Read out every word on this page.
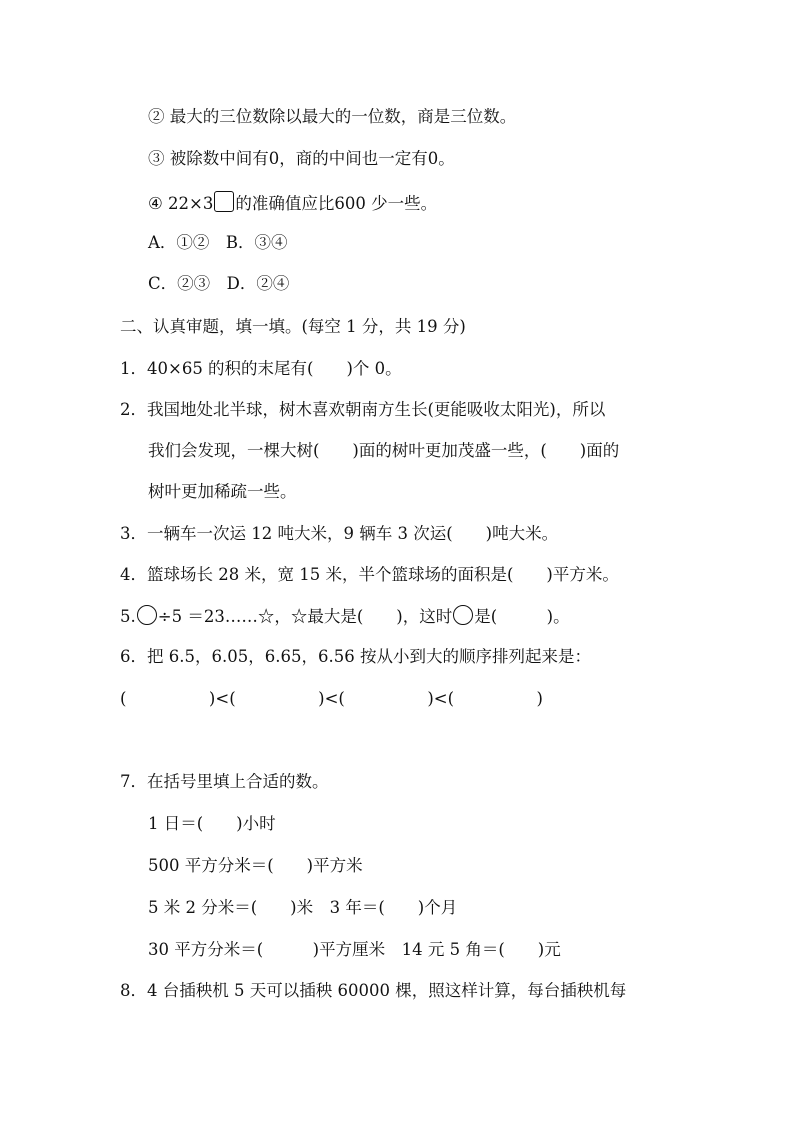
② 最大的三位数除以最大的一位数，商是三位数。
③ 被除数中间有0，商的中间也一定有0。
④ 22×3 的准确值应比600 少一些。
A．①②　B．③④
C．②③　D．②④
二、认真审题，填一填。(每空 1 分，共 19 分)
1．40×65 的积的末尾有(　　)个 0。
2．我国地处北半球，树木喜欢朝南方生长(更能吸收太阳光)，所以
我们会发现，一棵大树(　　)面的树叶更加茂盛一些，(　　)面的
树叶更加稀疏一些。
3．一辆车一次运 12 吨大米，9 辆车 3 次运(　　)吨大米。
4．篮球场长 28 米，宽 15 米，半个篮球场的面积是(　　)平方米。
5. ÷5 ＝23……☆，☆最大是(　　)，这时 是(　　　)。
6．把 6.5，6.05，6.65，6.56 按从小到大的顺序排列起来是：
(　　　　　)<(　　　　　)<(　　　　　)<(　　　　　)
7．在括号里填上合适的数。
1 日＝(　　)小时
500 平方分米＝(　　)平方米
5 米 2 分米＝(　　)米　3 年＝(　　)个月
30 平方分米＝(　　　)平方厘米　14 元 5 角＝(　　)元
8．4 台插秧机 5 天可以插秧 60000 棵，照这样计算，每台插秧机每
